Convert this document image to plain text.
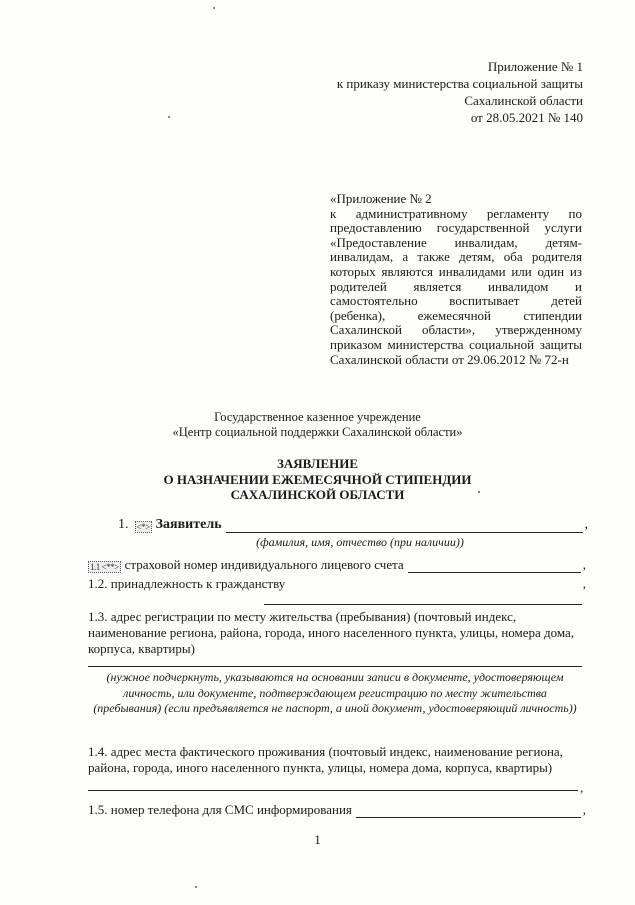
Приложение № 1
к приказу министерства социальной защиты
Сахалинской области
от 28.05.2021 № 140
«Приложение № 2
к административному регламенту по предоставлению государственной услуги «Предоставление инвалидам, детям-инвалидам, а также детям, оба родителя которых являются инвалидами или один из родителей является инвалидом и самостоятельно воспитывает детей (ребенка), ежемесячной стипендии Сахалинской области», утвержденному приказом министерства социальной защиты Сахалинской области от 29.06.2012 № 72-н
Государственное казенное учреждение
«Центр социальной поддержки Сахалинской области»
ЗАЯВЛЕНИЕ
О НАЗНАЧЕНИИ ЕЖЕМЕСЯЧНОЙ СТИПЕНДИИ
САХАЛИНСКОЙ ОБЛАСТИ
1. <*> Заявитель	,
(фамилия, имя, отчество (при наличии))
1.1 <**> страховой номер индивидуального лицевого счета	,
1.2. принадлежность к гражданству	,
1.3. адрес регистрации по месту жительства (пребывания) (почтовый индекс, наименование региона, района, города, иного населенного пункта, улицы, номера дома, корпуса, квартиры)
(нужное подчеркнуть, указываются на основании записи в документе, удостоверяющем личность, или документе, подтверждающем регистрацию по месту жительства (пребывания) (если предъявляется не паспорт, а иной документ, удостоверяющий личность))
1.4. адрес места фактического проживания (почтовый индекс, наименование региона, района, города, иного населенного пункта, улицы, номера дома, корпуса, квартиры)
,
1.5. номер телефона для СМС информирования	,
1
